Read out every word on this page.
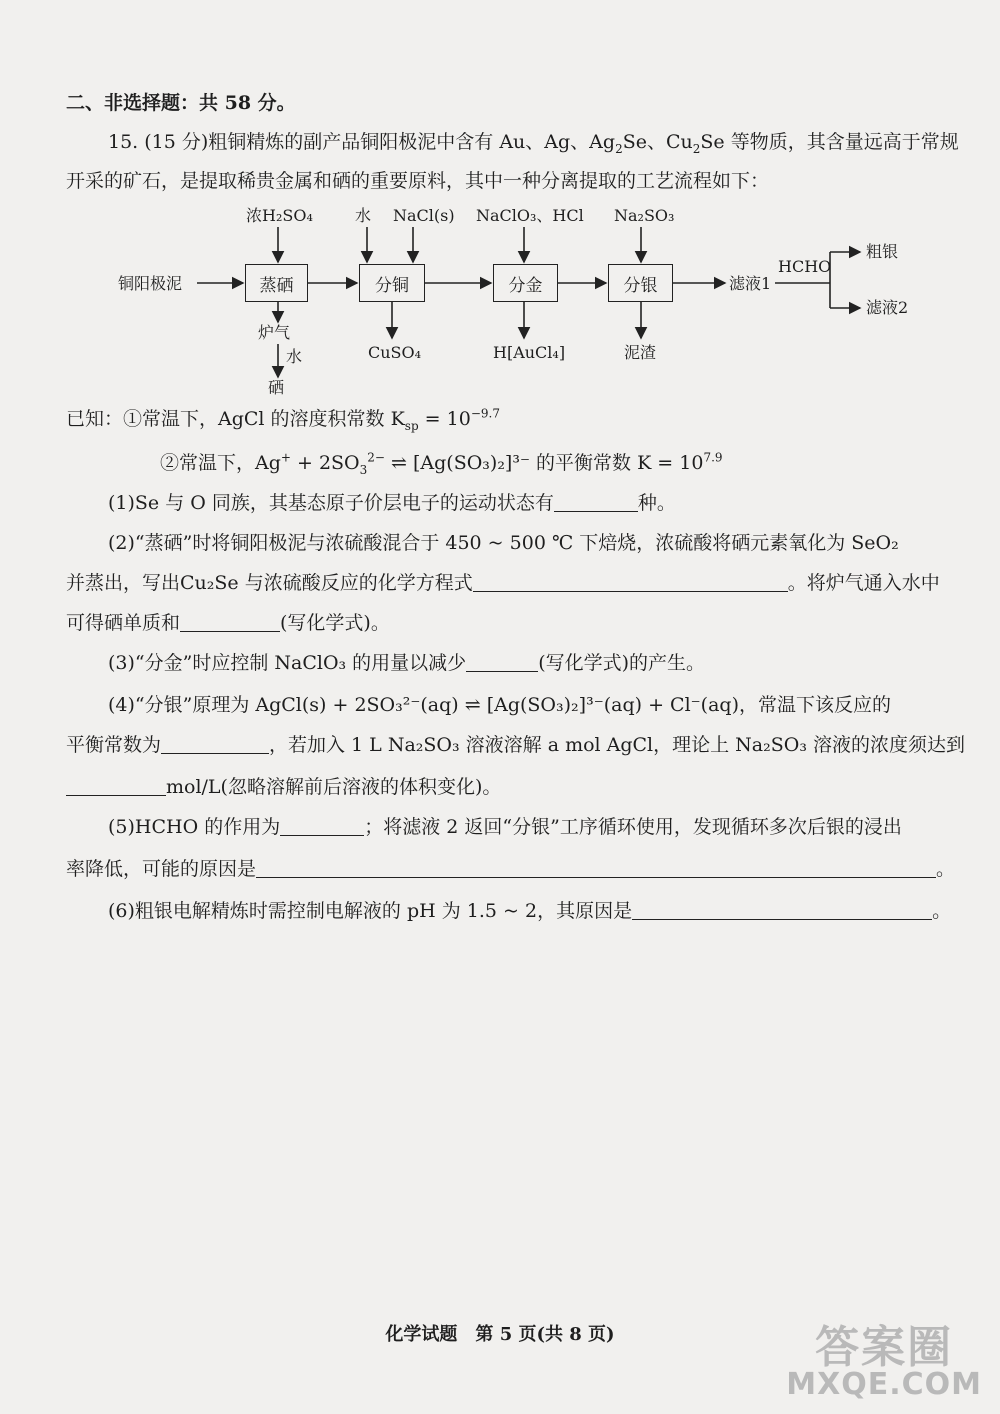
二、非选择题：共 58 分。
15. (15 分)粗铜精炼的副产品铜阳极泥中含有 Au、Ag、$Ag_2Se$、$Cu_2Se$ 等物质，其含量远高于常规
开采的矿石，是提取稀贵金属和硒的重要原料，其中一种分离提取的工艺流程如下：
铜阳极泥	蒸硒	分铜	分金	分银
浓H₂SO₄	水 NaCl(s) NaClO₃、HCl Na₂SO₃
炉气
水
硒
CuSO₄	H[AuCl₄]	泥渣
滤液1
HCHO
粗银
滤液2
已知：①常温下，AgCl 的溶度积常数 $K_{sp} = 10^{-9.7}$
②常温下，$Ag^+ + 2SO_3^{2-}$ ⇌ [Ag(SO₃)₂]³⁻ 的平衡常数 $K = 10^{7.9}$
(1)Se 与 O 同族，其基态原子价层电子的运动状态有	种。
(2)“蒸硒”时将铜阳极泥与浓硫酸混合于 450 ~ 500 ℃ 下焙烧，浓硫酸将硒元素氧化为 SeO₂
并蒸出，写出Cu₂Se 与浓硫酸反应的化学方程式	。将炉气通入水中
可得硒单质和	(写化学式)。
(3)“分金”时应控制 NaClO₃ 的用量以减少	(写化学式)的产生。
(4)“分银”原理为 AgCl(s) + 2SO₃²⁻(aq) ⇌ [Ag(SO₃)₂]³⁻(aq) + Cl⁻(aq)，常温下该反应的
平衡常数为	，若加入 1 L Na₂SO₃ 溶液溶解 a mol AgCl，理论上 Na₂SO₃ 溶液的浓度须达到
mol/L(忽略溶解前后溶液的体积变化)。
(5)HCHO 的作用为	；将滤液 2 返回“分银”工序循环使用，发现循环多次后银的浸出
率降低，可能的原因是	。
(6)粗银电解精炼时需控制电解液的 pH 为 1.5 ~ 2，其原因是	。
化学试题　第 5 页(共 8 页)	答案圈
MXQE.COM
